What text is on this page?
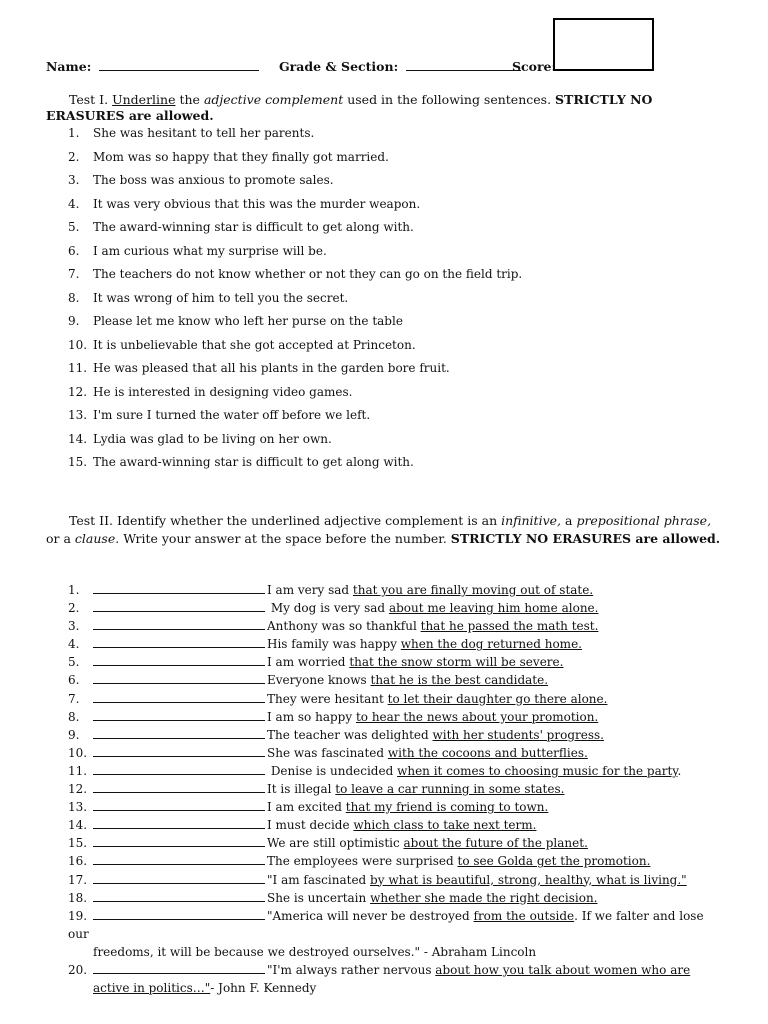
Name:	Grade & Section:	Score:
Test I. Underline the adjective complement used in the following sentences. STRICTLY NO ERASURES are allowed.
1. She was hesitant to tell her parents.
2. Mom was so happy that they finally got married.
3. The boss was anxious to promote sales.
4. It was very obvious that this was the murder weapon.
5. The award-winning star is difficult to get along with.
6. I am curious what my surprise will be.
7. The teachers do not know whether or not they can go on the field trip.
8. It was wrong of him to tell you the secret.
9. Please let me know who left her purse on the table
10. It is unbelievable that she got accepted at Princeton.
11. He was pleased that all his plants in the garden bore fruit.
12. He is interested in designing video games.
13. I'm sure I turned the water off before we left.
14. Lydia was glad to be living on her own.
15. The award-winning star is difficult to get along with.
Test II. Identify whether the underlined adjective complement is an infinitive, a prepositional phrase, or a clause. Write your answer at the space before the number. STRICTLY NO ERASURES are allowed.
1.	I am very sad that you are finally moving out of state.
2.	My dog is very sad about me leaving him home alone.
3.	Anthony was so thankful that he passed the math test.
4.	His family was happy when the dog returned home.
5.	I am worried that the snow storm will be severe.
6.	Everyone knows that he is the best candidate.
7.	They were hesitant to let their daughter go there alone.
8.	I am so happy to hear the news about your promotion.
9.	The teacher was delighted with her students' progress.
10.	She was fascinated with the cocoons and butterflies.
11.	Denise is undecided when it comes to choosing music for the party.
12.	It is illegal to leave a car running in some states.
13.	I am excited that my friend is coming to town.
14.	I must decide which class to take next term.
15.	We are still optimistic about the future of the planet.
16.	The employees were surprised to see Golda get the promotion.
17.	"I am fascinated by what is beautiful, strong, healthy, what is living."
18.	She is uncertain whether she made the right decision.
19.	"America will never be destroyed from the outside. If we falter and lose our
freedoms, it will be because we destroyed ourselves." - Abraham Lincoln
20.	"I'm always rather nervous about how you talk about women who are
active in politics…"- John F. Kennedy
